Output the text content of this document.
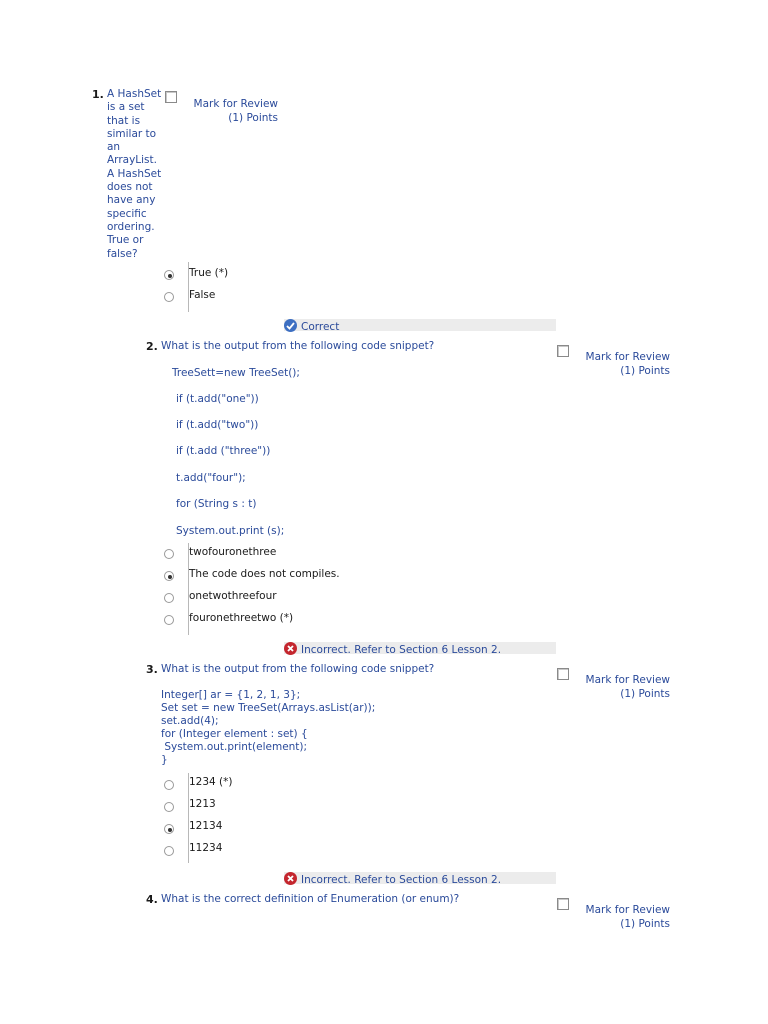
1. A HashSet
is a set
that is
similar to
an
ArrayList.
A HashSet
does not
have any
specific
ordering.
True or
false?
Mark for Review
(1) Points
True (*)
False
Correct
2. What is the output from the following code snippet?
Mark for Review
(1) Points
TreeSett=new TreeSet();
if (t.add("one"))
if (t.add("two"))
if (t.add ("three"))
t.add("four");
for (String s : t)
System.out.print (s);
twofouronethree
The code does not compiles.
onetwothreefour
fouronethreetwo (*)
Incorrect. Refer to Section 6 Lesson 2.
3. What is the output from the following code snippet?
Mark for Review
(1) Points
Integer[] ar = {1, 2, 1, 3};
Set set = new TreeSet(Arrays.asList(ar));
set.add(4);
for (Integer element : set) {
System.out.print(element);
}
1234 (*)
1213
12134
11234
Incorrect. Refer to Section 6 Lesson 2.
4. What is the correct definition of Enumeration (or enum)?
Mark for Review
(1) Points
